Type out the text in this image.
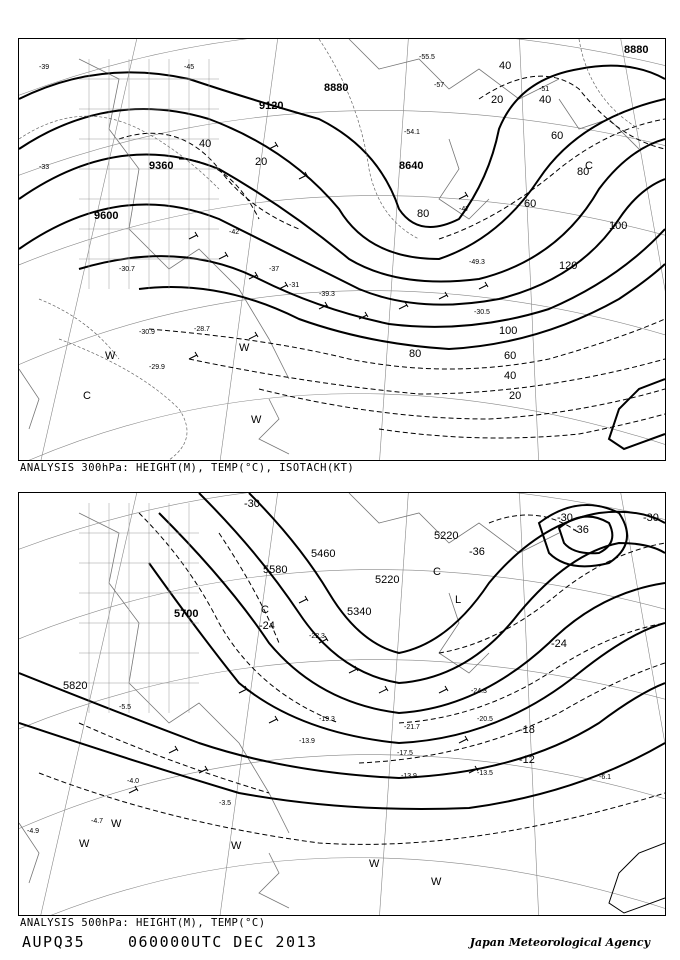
8880
8880
9120
8640
9360
9600
40
20	40
60
80
100
120
100
80	60
40
20
40
20
80
60
-45
-51
-57
-54.1
-55.5
-47
-49.3
-42
-39.3
-37
-30.5
-31
-29.9
-28.7
-30.9
-30.7
-39
-33
W
C
W
W
C
ANALYSIS 300hPa: HEIGHT(M), TEMP(°C), ISOTACH(KT)
5460
5220
5220
5580
5340
5700
5820
-30
-36
-36
-30
-24
-24
-18
-12
-30
-24.3
-20.5
-13.5
-13.9
-17.5
-21.7
-22.3
-19.3
-13.9
-6.1
-3.5
-4.0
-4.7
-4.9
-5.5
C
C
L
W	W
W
W
W
ANALYSIS 500hPa: HEIGHT(M), TEMP(°C)
AUPQ35	060000UTC DEC 2013	Japan Meteorological Agency
